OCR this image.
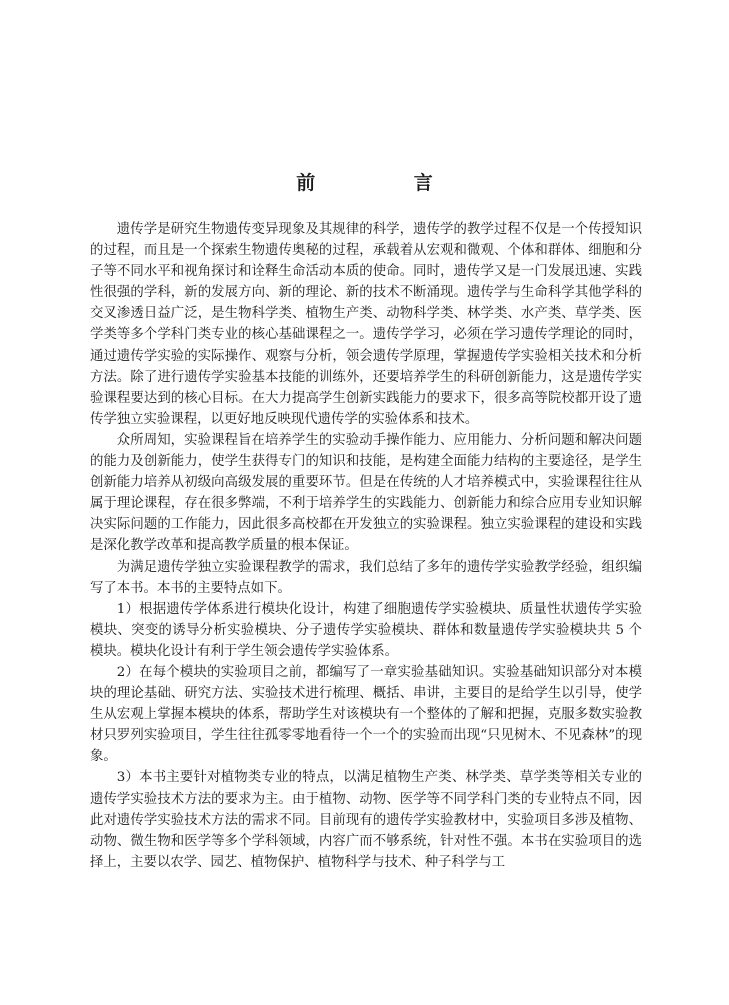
前 言

遗传学是研究生物遗传变异现象及其规律的科学，遗传学的教学过程不仅是一个传授知识的过程，而且是一个探索生物遗传奥秘的过程，承载着从宏观和微观、个体和群体、细胞和分子等不同水平和视角探讨和诠释生命活动本质的使命。同时，遗传学又是一门发展迅速、实践性很强的学科，新的发展方向、新的理论、新的技术不断涌现。遗传学与生命科学其他学科的交叉渗透日益广泛，是生物科学类、植物生产类、动物科学类、林学类、水产类、草学类、医学类等多个学科门类专业的核心基础课程之一。遗传学学习，必须在学习遗传学理论的同时，通过遗传学实验的实际操作、观察与分析，领会遗传学原理，掌握遗传学实验相关技术和分析方法。除了进行遗传学实验基本技能的训练外，还要培养学生的科研创新能力，这是遗传学实验课程要达到的核心目标。在大力提高学生创新实践能力的要求下，很多高等院校都开设了遗传学独立实验课程，以更好地反映现代遗传学的实验体系和技术。

众所周知，实验课程旨在培养学生的实验动手操作能力、应用能力、分析问题和解决问题的能力及创新能力，使学生获得专门的知识和技能，是构建全面能力结构的主要途径，是学生创新能力培养从初级向高级发展的重要环节。但是在传统的人才培养模式中，实验课程往往从属于理论课程，存在很多弊端，不利于培养学生的实践能力、创新能力和综合应用专业知识解决实际问题的工作能力，因此很多高校都在开发独立的实验课程。独立实验课程的建设和实践是深化教学改革和提高教学质量的根本保证。

为满足遗传学独立实验课程教学的需求，我们总结了多年的遗传学实验教学经验，组织编写了本书。本书的主要特点如下。

1）根据遗传学体系进行模块化设计，构建了细胞遗传学实验模块、质量性状遗传学实验模块、突变的诱导分析实验模块、分子遗传学实验模块、群体和数量遗传学实验模块共 5 个模块。模块化设计有利于学生领会遗传学实验体系。

2）在每个模块的实验项目之前，都编写了一章实验基础知识。实验基础知识部分对本模块的理论基础、研究方法、实验技术进行梳理、概括、串讲，主要目的是给学生以引导，使学生从宏观上掌握本模块的体系，帮助学生对该模块有一个整体的了解和把握，克服多数实验教材只罗列实验项目，学生往往孤零零地看待一个一个的实验而出现“只见树木、不见森林”的现象。

3）本书主要针对植物类专业的特点，以满足植物生产类、林学类、草学类等相关专业的遗传学实验技术方法的要求为主。由于植物、动物、医学等不同学科门类的专业特点不同，因此对遗传学实验技术方法的需求不同。目前现有的遗传学实验教材中，实验项目多涉及植物、动物、微生物和医学等多个学科领域，内容广而不够系统，针对性不强。本书在实验项目的选择上，主要以农学、园艺、植物保护、植物科学与技术、种子科学与工
